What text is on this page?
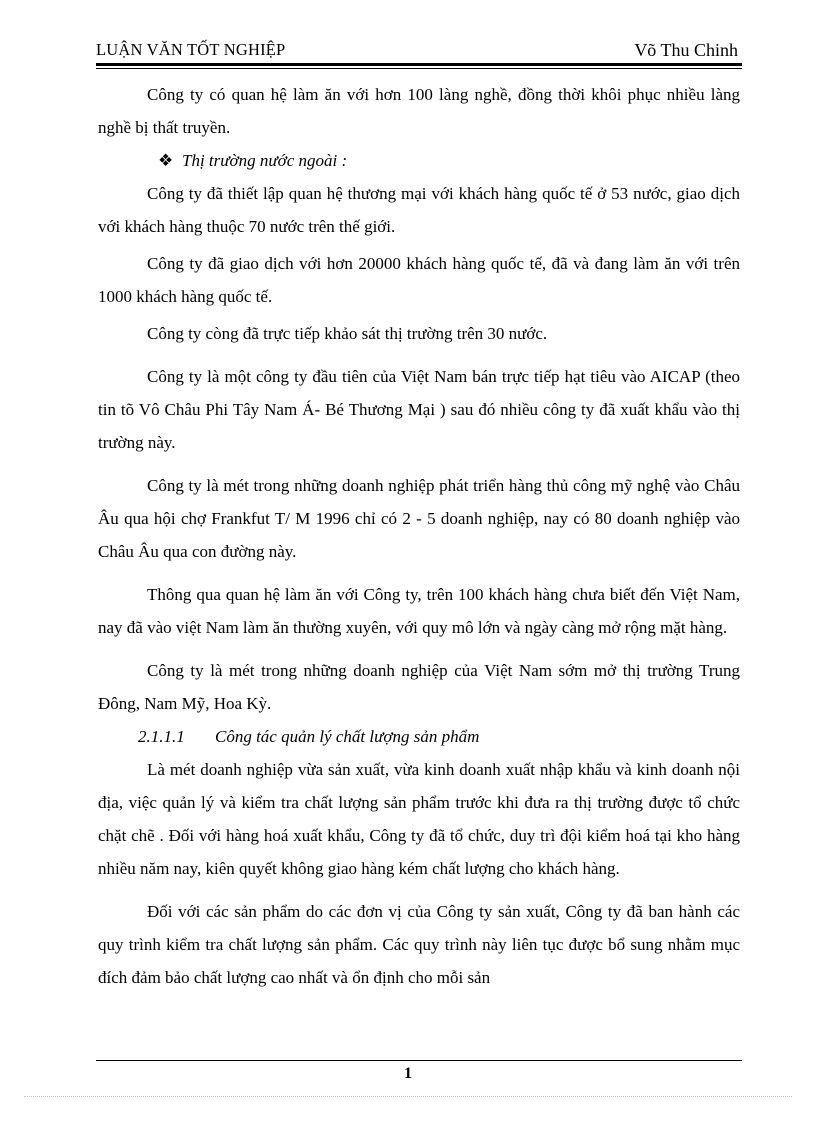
LUẬN VĂN TỐT NGHIỆP	Võ Thu Chinh

Công ty có quan hệ làm ăn với hơn 100 làng nghề, đồng thời khôi phục nhiều làng nghề bị thất truyền.

❖ Thị trường nước ngoài :

Công ty đã thiết lập quan hệ thương mại với khách hàng quốc tế ở 53 nước, giao dịch với khách hàng thuộc 70 nước trên thế giới.

Công ty đã giao dịch với hơn 20000 khách hàng quốc tế, đã và đang làm ăn với trên 1000 khách hàng quốc tế.

Công ty còng đã trực tiếp khảo sát thị trường trên 30 nước.

Công ty là một công ty đầu tiên của Việt Nam bán trực tiếp hạt tiêu vào AICAP (theo tin tõ Vô Châu Phi Tây Nam Á- Bé Thương Mại ) sau đó nhiều công ty đã xuất khẩu vào thị trường này.

Công ty là mét trong những doanh nghiệp phát triển hàng thủ công mỹ nghệ vào Châu Âu qua hội chợ Frankfut T/ M 1996 chỉ có 2 - 5 doanh nghiệp, nay có 80 doanh nghiệp vào Châu Âu qua con đường này.

Thông qua quan hệ làm ăn với Công ty, trên 100 khách hàng chưa biết đến Việt Nam, nay đã vào việt Nam làm ăn thường xuyên, với quy mô lớn và ngày càng mở rộng mặt hàng.

Công ty là mét trong những doanh nghiệp của Việt Nam sớm mở thị trường Trung Đông, Nam Mỹ, Hoa Kỳ.

2.1.1.1 Công tác quản lý chất lượng sản phẩm

Là mét doanh nghiệp vừa sản xuất, vừa kinh doanh xuất nhập khẩu và kinh doanh nội địa, việc quản lý và kiểm tra chất lượng sản phẩm trước khi đưa ra thị trường được tổ chức chặt chẽ . Đối với hàng hoá xuất khẩu, Công ty đã tổ chức, duy trì đội kiểm hoá tại kho hàng nhiều năm nay, kiên quyết không giao hàng kém chất lượng cho khách hàng.

Đối với các sản phẩm do các đơn vị của Công ty sản xuất, Công ty đã ban hành các quy trình kiểm tra chất lượng sản phẩm. Các quy trình này liên tục được bổ sung nhằm mục đích đảm bảo chất lượng cao nhất và ổn định cho mỗi sản

1
